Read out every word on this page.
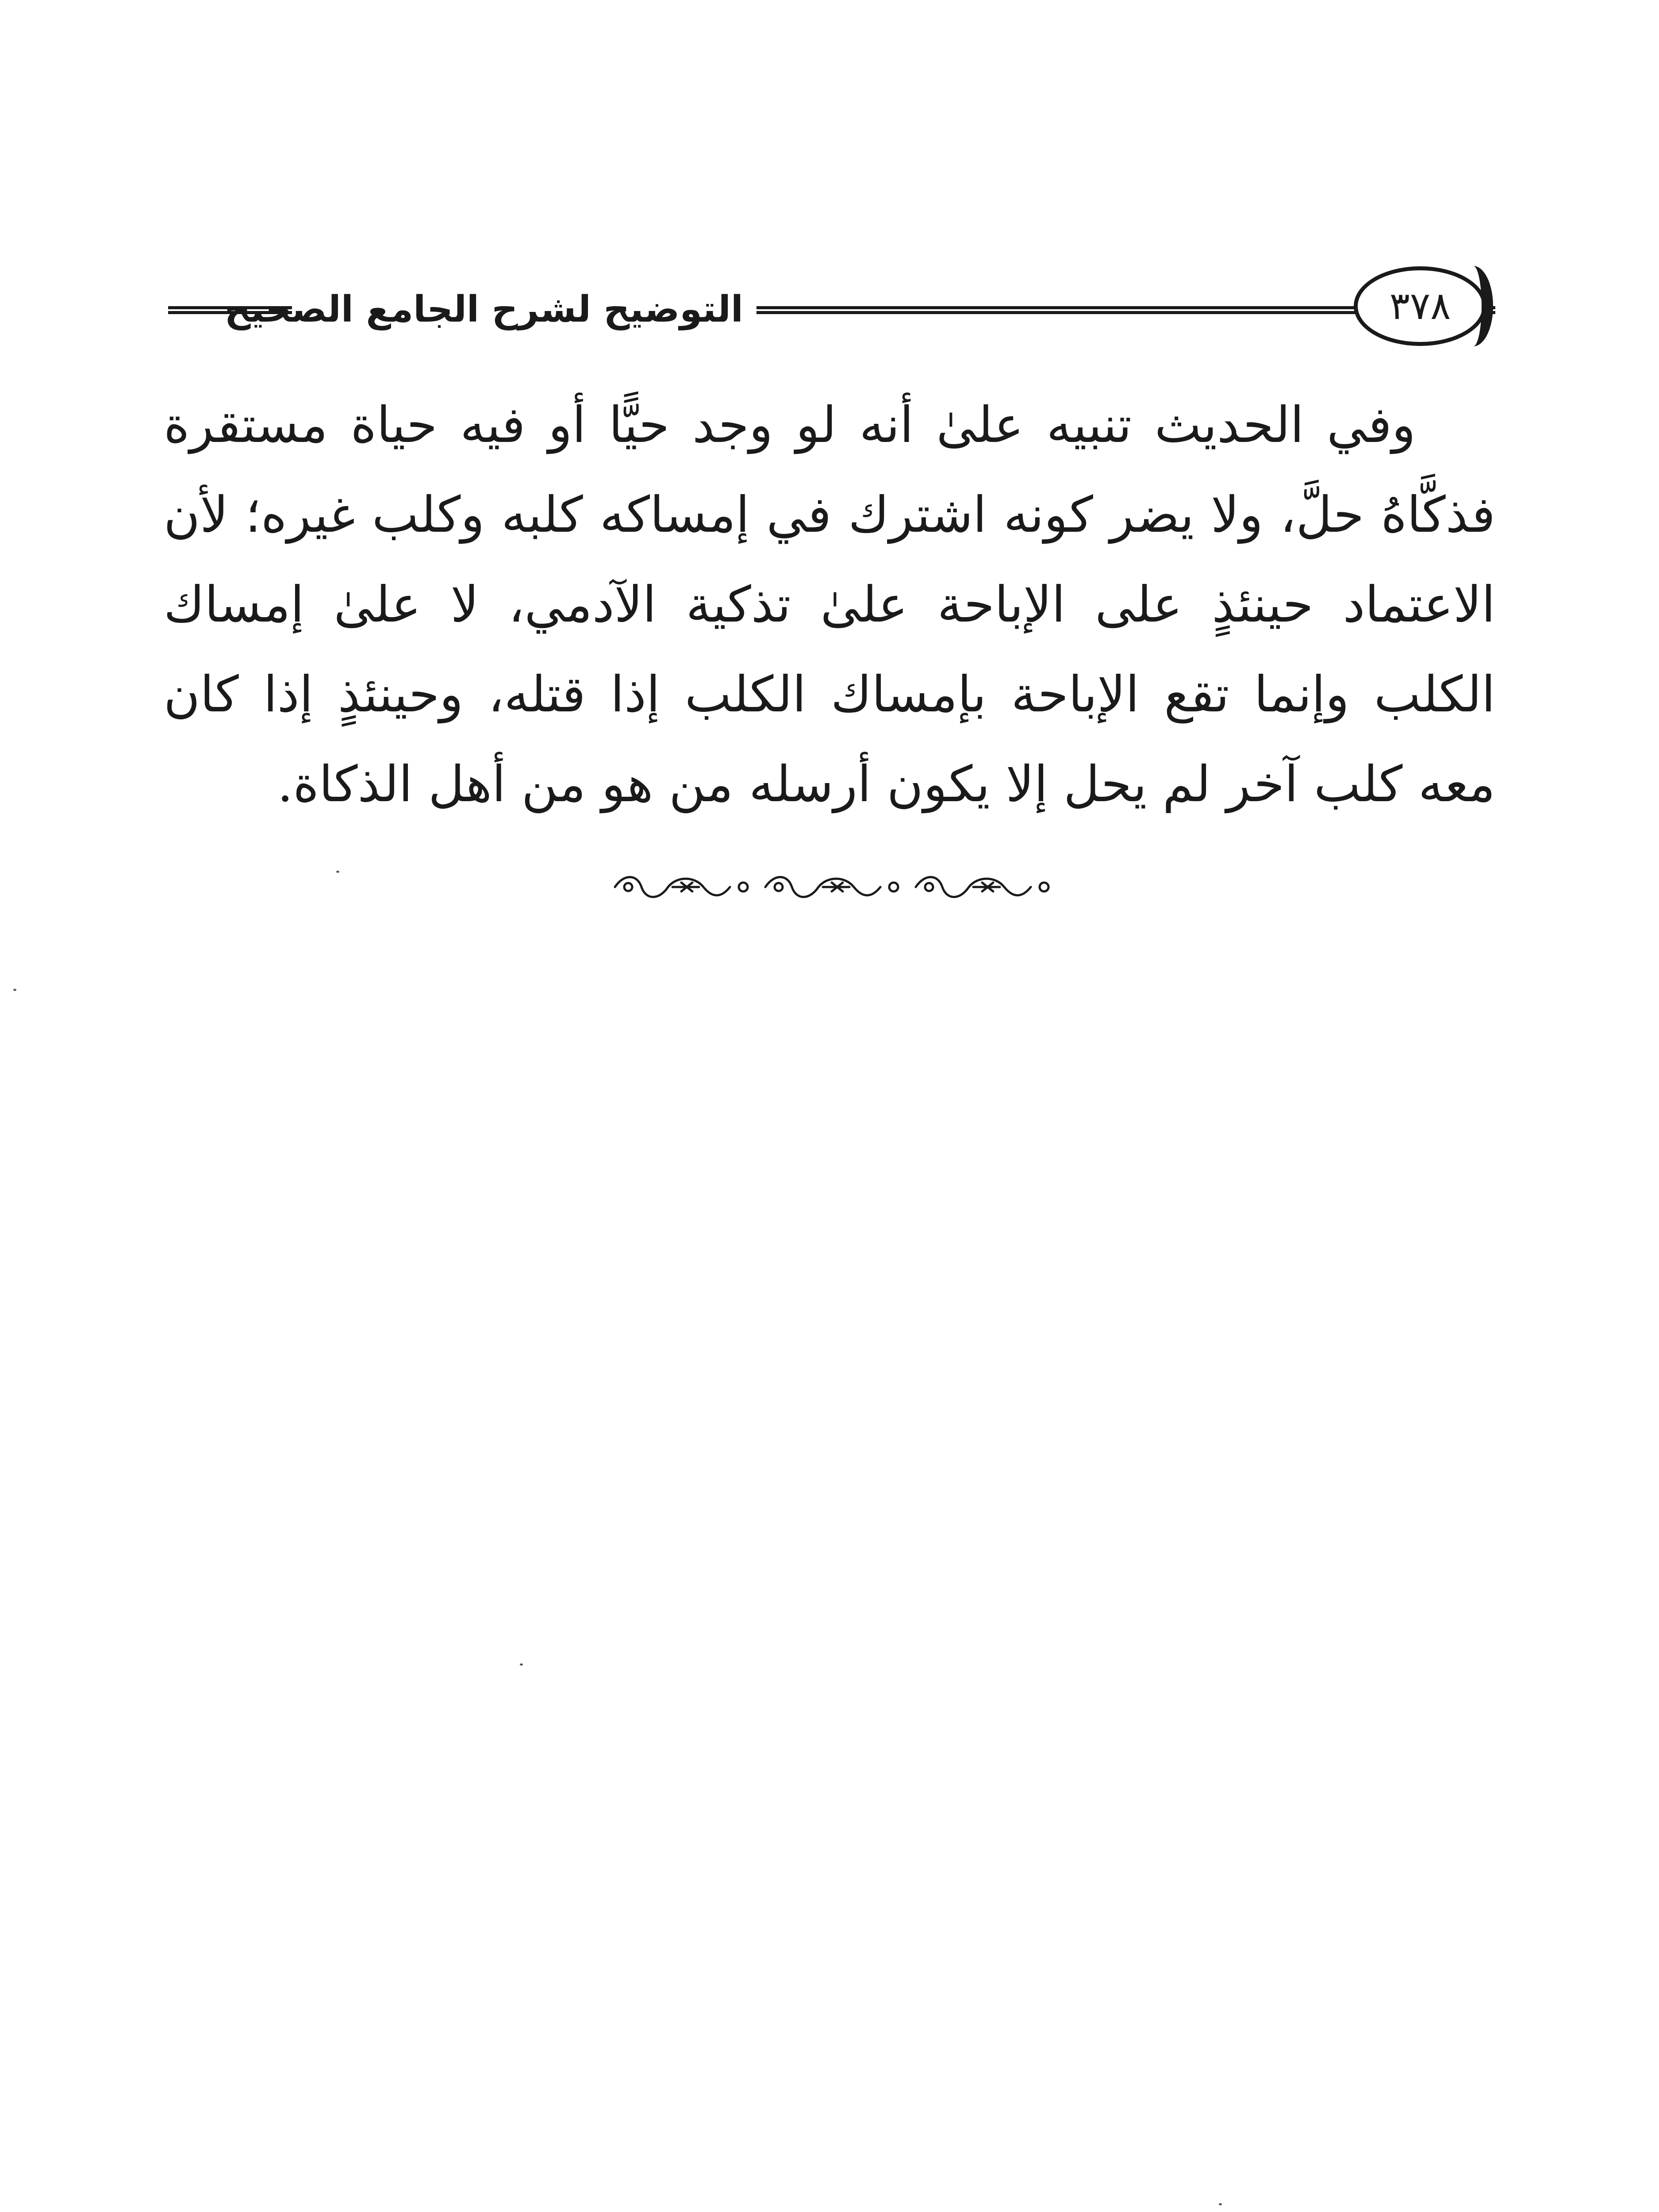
التوضيح لشرح الجامع الصحيح	٣٧٨
وفي الحديث تنبيه علىٰ أنه لو وجد حيًّا أو فيه حياة مستقرة فذكَّاهُ حلَّ، ولا يضر كونه اشترك في إمساكه كلبه وكلب غيره؛ لأن الاعتماد حينئذٍ على الإباحة علىٰ تذكية الآدمي، لا علىٰ إمساك الكلب وإنما تقع الإباحة بإمساك الكلب إذا قتله، وحينئذٍ إذا كان معه كلب آخر لم يحل إلا يكون أرسله من هو من أهل الذكاة.
